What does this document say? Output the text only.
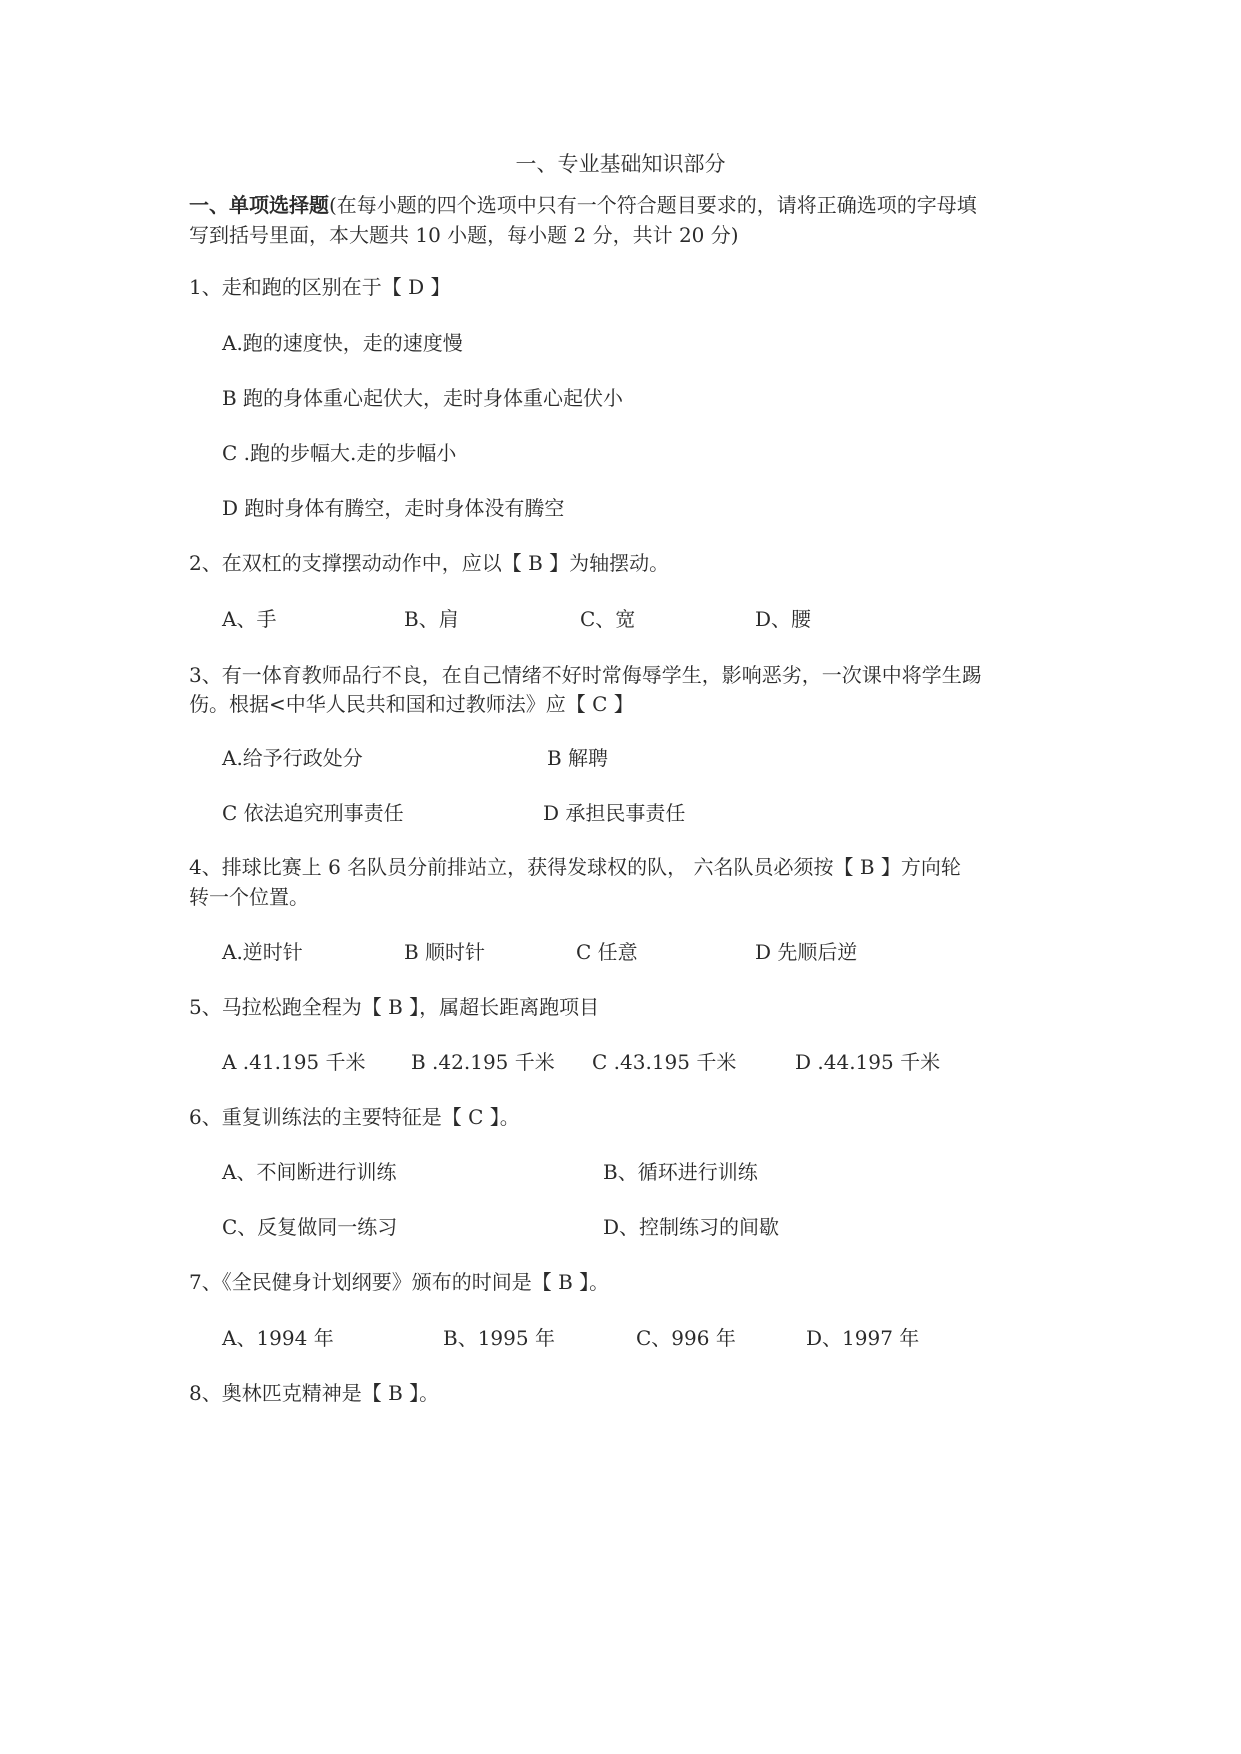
一、专业基础知识部分
一、单项选择题(在每小题的四个选项中只有一个符合题目要求的，请将正确选项的字母填
写到括号里面，本大题共 10 小题，每小题 2 分，共计 20 分)
1、走和跑的区别在于【 D 】
A.跑的速度快，走的速度慢
B 跑的身体重心起伏大，走时身体重心起伏小
C .跑的步幅大.走的步幅小
D 跑时身体有腾空，走时身体没有腾空
2、在双杠的支撑摆动动作中，应以【 B 】为轴摆动。
A、手	B、肩	C、宽	D、腰
3、有一体育教师品行不良，在自己情绪不好时常侮辱学生，影响恶劣，一次课中将学生踢
伤。根据<中华人民共和国和过教师法》应【 C 】
A.给予行政处分	B 解聘
C 依法追究刑事责任	D 承担民事责任
4、排球比赛上 6 名队员分前排站立，获得发球权的队， 六名队员必须按【 B 】方向轮
转一个位置。
A.逆时针	B 顺时针	C 任意	D 先顺后逆
5、马拉松跑全程为【 B 】，属超长距离跑项目
A .41.195 千米 B .42.195 千米 C .43.195 千米	D .44.195 千米
6、重复训练法的主要特征是【 C 】。
A、不间断进行训练	B、循环进行训练
C、反复做同一练习	D、控制练习的间歇
7、《全民健身计划纲要》颁布的时间是【 B 】。
A、1994 年	B、1995 年	C、996 年	D、1997 年
8、奥林匹克精神是【 B 】。
